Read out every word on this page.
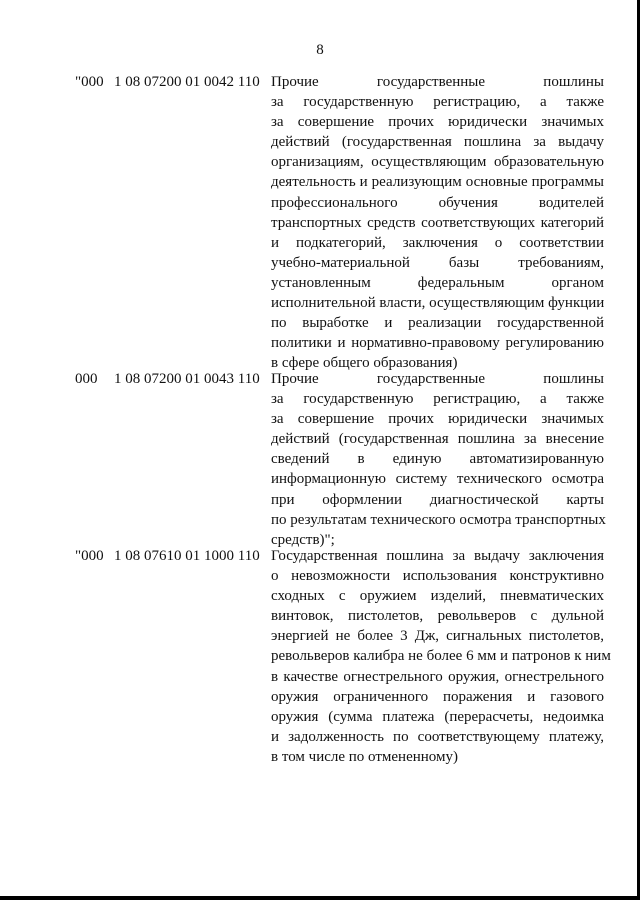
8
"000 1 08 07200 01 0042 110 Прочие государственные пошлины
за государственную регистрацию, а также
за совершение прочих юридически значимых
действий (государственная пошлина за выдачу
организациям, осуществляющим образовательную
деятельность и реализующим основные программы
профессионального обучения водителей
транспортных средств соответствующих категорий
и подкатегорий, заключения о соответствии
учебно-материальной базы требованиям,
установленным федеральным органом
исполнительной власти, осуществляющим функции
по выработке и реализации государственной
политики и нормативно-правовому регулированию
в сфере общего образования)
000 1 08 07200 01 0043 110 Прочие государственные пошлины
за государственную регистрацию, а также
за совершение прочих юридически значимых
действий (государственная пошлина за внесение
сведений в единую автоматизированную
информационную систему технического осмотра
при оформлении диагностической карты
по результатам технического осмотра транспортных
средств)";
"000 1 08 07610 01 1000 110 Государственная пошлина за выдачу заключения
о невозможности использования конструктивно
сходных с оружием изделий, пневматических
винтовок, пистолетов, револьверов с дульной
энергией не более 3 Дж, сигнальных пистолетов,
револьверов калибра не более 6 мм и патронов к ним
в качестве огнестрельного оружия, огнестрельного
оружия ограниченного поражения и газового
оружия (сумма платежа (перерасчеты, недоимка
и задолженность по соответствующему платежу,
в том числе по отмененному)
